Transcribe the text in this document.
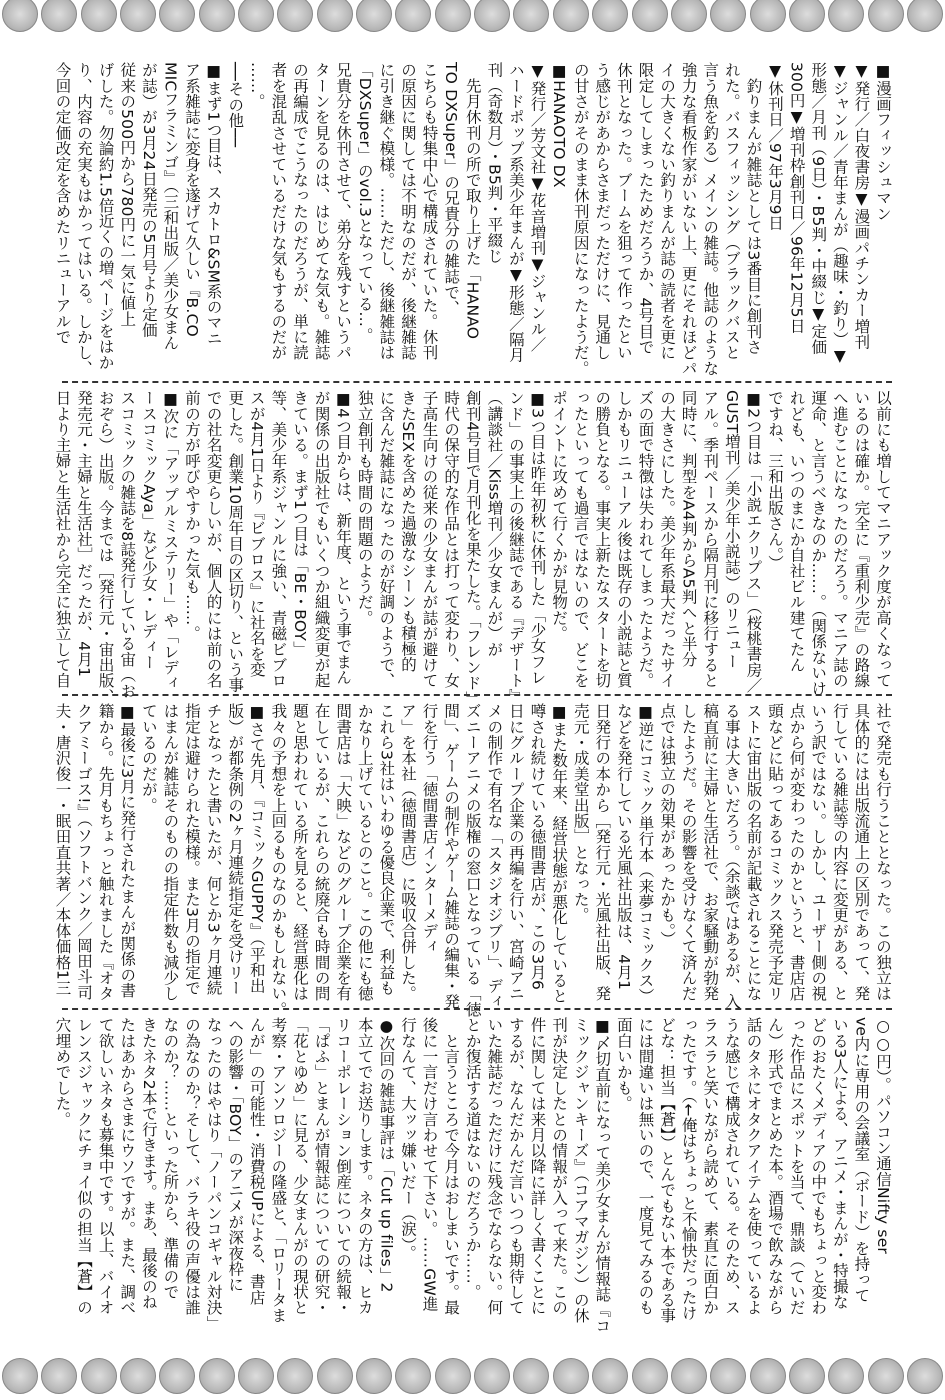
■漫画フィッシュマン
▼発行／白夜書房▼漫画パチンカー増刊
▼ジャンル／青年まんが（趣味・釣り）▼
形態／月刊（9日）・B5判・中綴じ▼定価
300円▼増刊枠創刊日／96年12月5日
▼休刊日／97年3月9日
　釣りまんが雑誌としては3番目に創刊さ
れた。バスフィッシング（ブラックバスと
言う魚を釣る）メインの雑誌。他誌のような
強力な看板作家がいない上、更にそれほどパ
イの大きくない釣りまんが誌の読者を更に
限定してしまったためだろうか、4号目で
休刊となった。ブームを狙って作ったとい
う感じがあからさまだっただけに、見通し
の甘さがそのまま休刊原因になったようだ。
■HANAOTO DX
▼発行／芳文社▼花音増刊▼ジャンル／
ハードポップ系美少年まんが▼形態／隔月
刊（奇数月）・B5判・平綴じ
　先月休刊の所で取り上げた「HANAO
TO DXSuper」の兄貴分の雑誌で、
こちらも特集中心で構成されていた。休刊
の原因に関しては不明なのだが、後継雑誌
に引き継ぐ模様。……ただし、後継雑誌は
「DXSuper」のvol.3となっている…。
兄貴分を休刊させて、弟分を残すというパ
ターンを見るのは、はじめてな気も。雑誌
の再編成でこうなったのだろうが、単に読
者を混乱させているだけな気もするのだが
……。
──その他──
■まず1つ目は、スカトロ&SM系のマニ
ア系雑誌に変身を遂げて久しい『B.CO
MICフラミンゴ』（三和出版／美少女まん
が誌）が3月24日発売の5月号より定価
従来の500円から780円に一気に値上
げした。勿論約1.5倍近くの増ページをはか
り、内容の充実もはかってはいる。しかし、
今回の定価改定を含めたリニューアルで
以前にも増してマニアック度が高くなって
いるのは確か。完全に『重利少売』の路線
へ進むことになったのだろう。マニア誌の
運命、と言うべきなのか……。（関係ないけ
れども、いつのまにか自社ビル建てたん
ですね、三和出版さん。）
■2つ目は「小説エクリプス」（桜桃書房／
GUST増刊／美少年小説誌）のリニュー
アル。季刊ペースから隔月刊に移行すると
同時に、判型をA4判からA5判へと半分
の大きさにした。美少年系最大だったサイ
ズの面で特徴は失われてしまったようだ。
しかもリニューアル後は既存の小説誌と質
の勝負となる。事実上新たなスタートを切
ったといっても過言ではないので、どこを
ポイントに攻めて行くかが見物だ。
■3つ目は昨年初秋に休刊した「少女フレ
ンド」の事実上の後継誌である『デザート』
（講談社／Kiss増刊／少女まんが）が
創刊4号目で月刊化を果たした。「フレンド」
時代の保守的な作品とは打って変わり、女
子高生向けの従来の少女まんが誌が避けて
きたSEXを含めた過激なシーンも積極的
に含んだ雑誌になったのが好調のようで、
独立創刊も時間の問題のようだ。
■4つ目からは、新年度、という事でまん
が関係の出版社でもいくつか組織変更が起
きている。まず1つ目は「BE・BOY」
等、美少年系ジャンルに強い、青磁ビブロ
スが4月1日より『ビブロス』に社名を変
更した。創業10周年目の区切り、という事
での社名変更らしいが、個人的には前の名
前の方が呼びやすかった気も……。
■次に「アップルミステリー」や「レディ
ースコミックAya」など少女・レディー
スコミックの雑誌を8誌発行している宙（お
おぞら）出版。今までは［発行元・宙出版、
発売元・主婦と生活社］だったが、4月1
日より主婦と生活社から完全に独立して自
社で発売も行うこととなった。この独立は
具体的には出版流通上の区別であって、発
行している雑誌等の内容に変更がある、と
いう訳ではない。しかし、ユーザー側の視
点から何が変わったのかというと、書店店
頭などに貼ってあるコミックス発売予定リ
ストに宙出版の名前が記載されることにな
る事は大きいだろう。（余談ではあるが、入
稿直前に主婦と生活社で、お家騒動が勃発
したようだ。その影響を受けなくて済んだ
点では独立の効果があったかも。）
■逆にコミック単行本（来夢コミックス）
などを発行している光風社出版は、4月1
日発行の本から［発行元・光風社出版、発
売元・成美堂出版］となった。
■また数年来、経営状態が悪化していると
噂され続けている徳間書店が、この3月6
日にグループ企業の再編を行い、宮崎アニ
メの制作で有名な「スタジオジブリ」、ディ
ズニーアニメの版権の窓口となっている「徳
間」、ゲームの制作やゲーム雑誌の編集・発
行を行う「徳間書店インターメディ
ア」を本社（徳間書店）に吸収合併した。
これら3社はいわゆる優良企業で、利益も
かなり上げているとのこと。この他にも徳
間書店は「大映」などのグループ企業を有
在しているが、これらの統廃合も時間の問
題と思われている所を見ると、経営悪化は
我々の予想を上回るものなのかもしれない。
■さて先月、『コミックGUPPY』（平和出
版）が都条例の2ヶ月連続指定を受けリー
チとなったと書いたが、何とか3ヶ月連続
指定は避けられた模様。また3月の指定で
はまんが雑誌そのものの指定件数も減少し
ているのだが。
■最後に3月に発行されたまんが関係の書
籍から。先月もちょっと触れました『オタ
クアミーゴス!』（ソフトバンク／岡田斗司
夫・唐沢俊一・眠田直共著／本体価格1三
○○円）。パソコン通信Nifty ser
ve内に専用の会議室（ボード）を持って
いる3人による、アニメ・まんが・特撮な
どのおたくメディアの中でもちょっと変わ
った作品にスポットを当て、鼎談（ていだ
ん）形式でまとめた本。酒場で飲みながら
話のタネにオタクアイテムを使っているよ
うな感じで構成されている。そのため、ス
ラスラと笑いながら読めて、素直に面白か
ったです。（←俺はちょっと不愉快だったけ
どな：担当【蒼】）とんでもない本である事
には間違いは無いので、一度見てみるのも
面白いかも。
■〆切直前になって美少女まんが情報誌『コ
ミックジャンキーズ』（コアマガジン）の休
刊が決定したとの情報が入って来た。この
件に関しては来月以降に詳しく書くことに
するが、なんだかんだ言いつつも期待して
いた雑誌だっただけに残念でならない。何
とか復活する道はないのだろうか……。
　と言うところで今月はおしまいです。最
後に一言だけ言わせて下さい。……GW進
行なんて、大ッッ嫌いだー（涙）。
●次回の雑誌事評は「Cut up files」2
本立てでお送りします。ネタの方は、ヒカ
リコーポレーション倒産についての続報・
「ぱふ」とまんが情報誌についての研究・
「花とゆめ」に見る、少女まんがの現状と
考察・アンソロジーの隆盛と、「ロリータま
んが」の可能性・消費税UPによる、書店
への影響・「BOY」のアニメが深夜枠に
なったのはやはり「ノーパンコギャル対決」
の為なのか？そして、バラキ役の声優は誰
なのか？……といった所から、準備ので
きたネタ2本で行きます。まあ、最後のね
たはあからさまにウソですが。また、調べ
て欲しいネタも募集中です。以上、バイオ
レンスジャックにチョイ似の担当【蒼】の
穴埋めでした。
